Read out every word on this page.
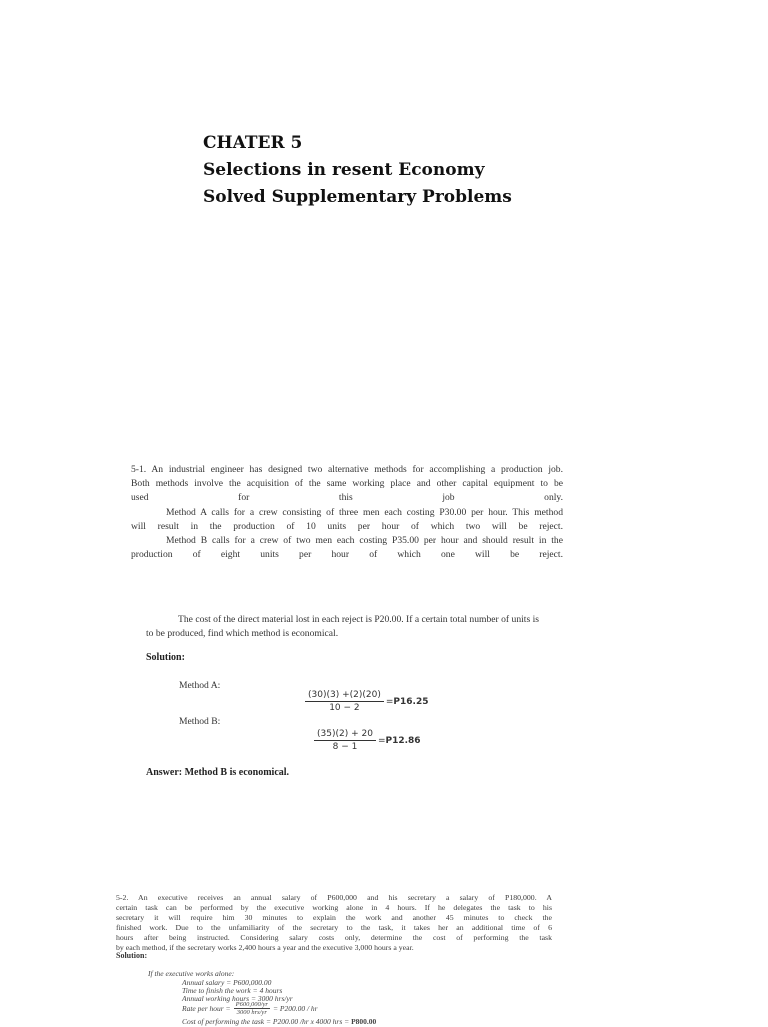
CHATER 5
Selections in resent Economy
Solved Supplementary Problems
5-1. An industrial engineer has designed two alternative methods for accomplishing a production job.
Both methods involve the acquisition of the same working place and other capital equipment to be
used for this job only.
Method A calls for a crew consisting of three men each costing P30.00 per hour. This method
will result in the production of 10 units per hour of which two will be reject.
Method B calls for a crew of two men each costing P35.00 per hour and should result in the
production of eight units per hour of which one will be reject.
The cost of the direct material lost in each reject is P20.00. If a certain total number of units is
to be produced, find which method is economical.
Solution:
Method A:
$\frac{(30)(3) +(2)(20)}{10 - 2} =P16.25$
Method B:
$\frac{(35)(2) + 20}{8 - 1} =P12.86$
Answer: Method B is economical.
5-2. An executive receives an annual salary of P600,000 and his secretary a salary of P180,000. A
certain task can be performed by the executive working alone in 4 hours. If he delegates the task to his
secretary it will require him 30 minutes to explain the work and another 45 minutes to check the
finished work. Due to the unfamiliarity of the secretary to the task, it takes her an additional time of 6
hours after being instructed. Considering salary costs only, determine the cost of performing the task
by each method, if the secretary works 2,400 hours a year and the executive 3,000 hours a year.
Solution:
If the executive works alone:
Annual salary = P600,000.00
Time to finish the work = 4 hours
Annual working hours = 3000 hrs/yr
Rate per hour = $\frac{P600,000/yr}{\text{3000 hrs/yr}} = P200.00$ / hr
Cost of performing the task = P200.00 /hr x 4000 hrs = P800.00
